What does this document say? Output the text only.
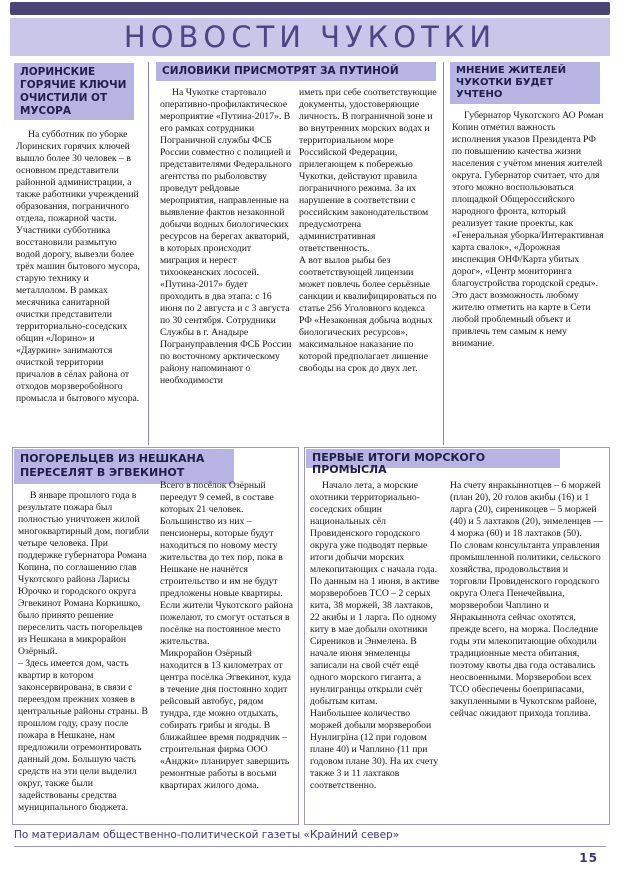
НОВОСТИ ЧУКОТКИ
ЛОРИНСКИЕ ГОРЯЧИЕ КЛЮЧИ ОЧИСТИЛИ ОТ МУСОРА

На субботник по уборке Лоринских горячих ключей вышло более 30 человек – в основном представители районной администрации, а также работники учреждений образования, пограничного отдела, пожарной части. Участники субботника восстановили размытую водой дорогу, вывезли более трёх машин бытового мусора, старую технику и металлолом. В рамках месячника санитарной очистки представители территориально-соседских общин «Лорино» и «Дауркин» занимаются очисткой территории причалов в сёлах района от отходов морзверобойного промысла и бытового мусора.

СИЛОВИКИ ПРИСМОТРЯТ ЗА ПУТИНОЙ

На Чукотке стартовало оперативно-профилактическое мероприятие «Путина-2017». В его рамках сотрудники Пограничной службы ФСБ России совместно с полицией и представителями Федерального агентства по рыболовству проведут рейдовые мероприятия, направленные на выявление фактов незаконной добычи водных биологических ресурсов на берегах акваторий, в которых происходит миграция и нерест тихоокеанских лососей.

«Путина-2017» будет проходить в два этапа: с 16 июня по 2 августа и с 3 августа по 30 сентября. Сотрудники Службы в г. Анадыре Погрануправления ФСБ России по восточному арктическому району напоминают о необходимости

иметь при себе соответствующие документы, удостоверяющие личность. В пограничной зоне и во внутренних морских водах и территориальном море Российской Федерации, прилегающем к побережью Чукотки, действуют правила пограничного режима. За их нарушение в соответствии с российским законодательством предусмотрена административная ответственность.

А вот вылов рыбы без соответствующей лицензии может повлечь более серьёзные санкции и квалифицироваться по статье 256 Уголовного кодекса РФ «Незаконная добыча водных биологических ресурсов», максимальное наказание по которой предполагает лишение свободы на срок до двух лет.

МНЕНИЕ ЖИТЕЛЕЙ ЧУКОТКИ БУДЕТ УЧТЕНО

Губернатор Чукотского АО Роман Копин отметил важность исполнения указов Президента РФ по повышению качества жизни населения с учётом мнения жителей округа. Губернатор считает, что для этого можно воспользоваться площадкой Общероссийского народного фронта, который реализует такие проекты, как «Генеральная уборка/Интерактивная карта свалок», «Дорожная инспекция ОНФ/Карта убитых дорог», «Центр мониторинга благоустройства городской среды». Это даст возможность любому жителю отметить на карте в Сети любой проблемный объект и привлечь тем самым к нему внимание.

ПОГОРЕЛЬЦЕВ ИЗ НЕШКАНА ПЕРЕСЕЛЯТ В ЭГВЕКИНОТ

В январе прошлого года в результате пожара был полностью уничтожен жилой многоквартирный дом, погибли четыре человека. При поддержке губернатора Романа Копина, по соглашению глав Чукотского района Ларисы Юрочко и городского округа Эгвекинот Романа Коркишко, было принято решение переселить часть погорельцев из Нешкана в микрорайон Озёрный.

– Здесь имеется дом, часть квартир в котором законсервирована, в связи с переездом прежних хозяев в центральные районы страны. В прошлом году, сразу после пожара в Нешкане, нам предложили отремонтировать данный дом. Большую часть средств на эти цели выделил округ, также были задействованы средства муниципального бюджета.

Всего в посёлок Озёрный переедут 9 семей, в составе которых 21 человек. Большинство из них – пенсионеры, которые будут находиться по новому месту жительства до тех пор, пока в Нешкане не начнётся строительство и им не будут предложены новые квартиры.

Если жители Чукотского района пожелают, то смогут остаться в посёлке на постоянное место жительства.

Микрорайон Озёрный находится в 13 километрах от центра посёлка Эгвекинот, куда в течение дня постоянно ходит рейсовый автобус, рядом тундра, где можно отдыхать, собирать грибы и ягоды. В ближайшее время подрядчик – строительная фирма ООО «Анджи» планирует завершить ремонтные работы в восьми квартирах жилого дома.

ПЕРВЫЕ ИТОГИ МОРСКОГО ПРОМЫСЛА

Начало лета, а морские охотники территориально-соседских общин национальных сёл Провиденского городского округа уже подводят первые итоги добычи морских млекопитающих с начала года.

По данным на 1 июня, в активе морзверобоев ТСО – 2 серых кита, 38 моржей, 38 лахтаков, 22 акибы и 1 ларга. По одному киту в мае добыли охотники Сиреников и Энмелена. В начале июня энмеленцы записали на свой счёт ещё одного морского гиганта, а нунлигранцы открыли счёт добытым китам.

Наибольшее количество моржей добыли морзверобои Нунлигрїна (12 при годовом плане 40) и Чаплино (11 при годовом плане 30). На их счету также 3 и 11 лахтаков соответственно.

На счету янракыннотцев – 6 моржей (план 20), 20 голов акибы (16) и 1 ларга (20), сиреникоцев – 5 моржей (40) и 5 лахтаков (20), энмеленцев — 4 моржа (60) и 18 лахтаков (50).

По словам консультанта управления промышленной политики, сельского хозяйства, продовольствия и торговли Провиденского городского округа Олега Пенечейвына, морзверобои Чаплино и Янракыннота сейчас охотятся, прежде всего, на моржа. Последние годы эти млекопитающие обходили традиционные места обитания, поэтому квоты два года оставались неосвоенными. Морзверобои всех ТСО обеспечены боеприпасами, закупленными в Чукотском районе, сейчас ожидают прихода топлива.

По материалам общественно-политической газеты «Крайний север»
15
